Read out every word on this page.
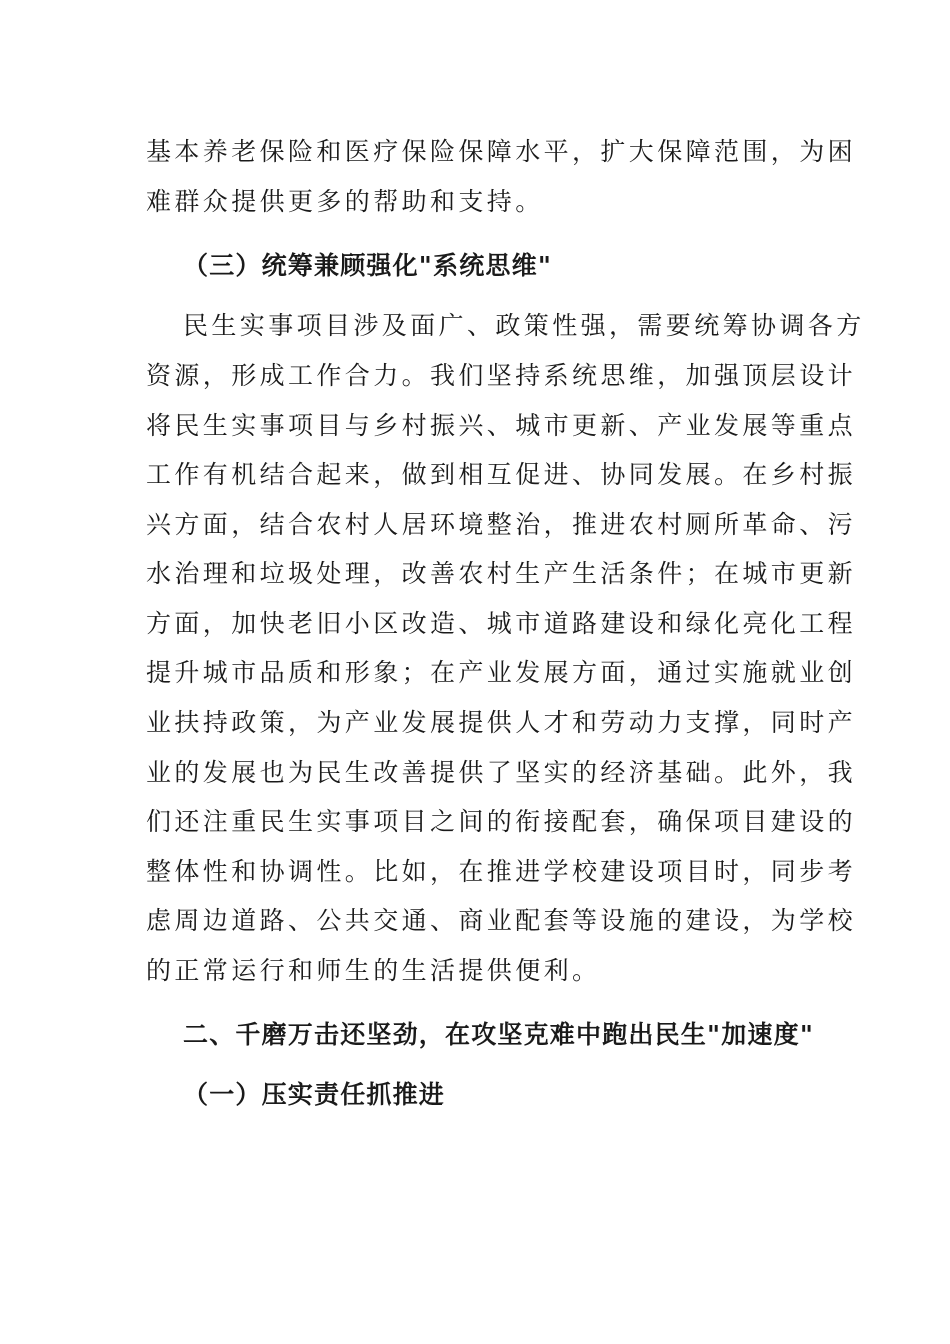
基本养老保险和医疗保险保障水平，扩大保障范围，为困
难群众提供更多的帮助和支持。
（三）统筹兼顾强化"系统思维"
民生实事项目涉及面广、政策性强，需要统筹协调各方
资源，形成工作合力。我们坚持系统思维，加强顶层设计
将民生实事项目与乡村振兴、城市更新、产业发展等重点
工作有机结合起来，做到相互促进、协同发展。在乡村振
兴方面，结合农村人居环境整治，推进农村厕所革命、污
水治理和垃圾处理，改善农村生产生活条件；在城市更新
方面，加快老旧小区改造、城市道路建设和绿化亮化工程
提升城市品质和形象；在产业发展方面，通过实施就业创
业扶持政策，为产业发展提供人才和劳动力支撑，同时产
业的发展也为民生改善提供了坚实的经济基础。此外，我
们还注重民生实事项目之间的衔接配套，确保项目建设的
整体性和协调性。比如，在推进学校建设项目时，同步考
虑周边道路、公共交通、商业配套等设施的建设，为学校
的正常运行和师生的生活提供便利。
二、千磨万击还坚劲，在攻坚克难中跑出民生"加速度"
（一）压实责任抓推进
